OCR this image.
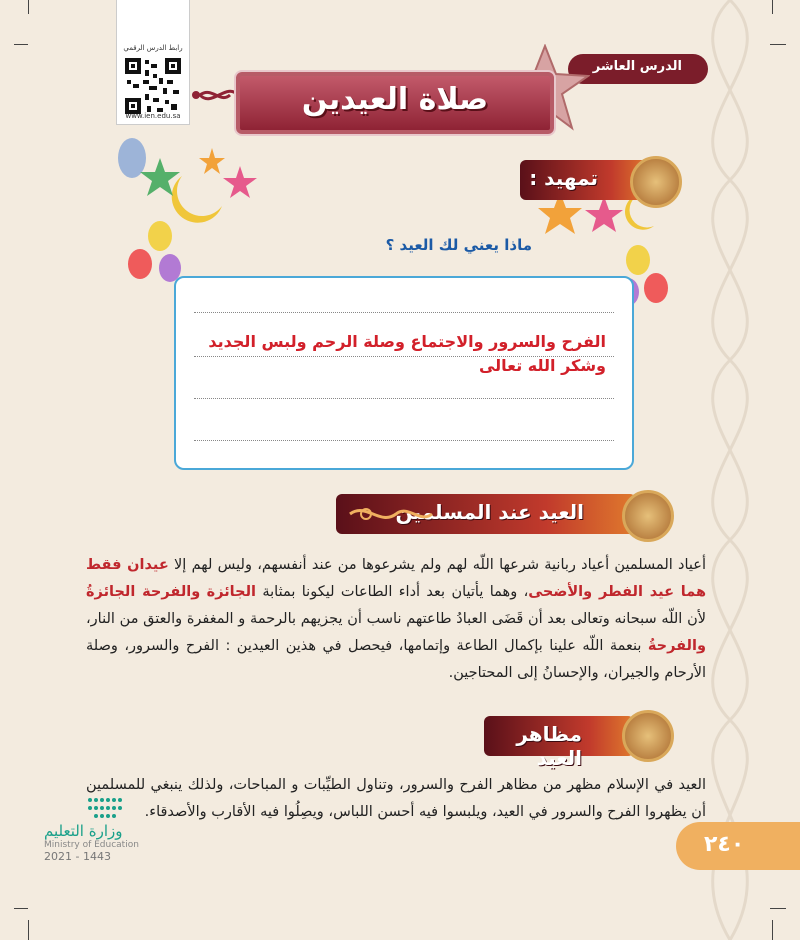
رابط الدرس الرقمي
www.ien.edu.sa
الدرس العاشر
صلاة العيدين
تمهيد :
ماذا يعني لك العيد ؟
الفرح والسرور والاجتماع وصلة الرحم ولبس الجديد وشكر الله تعالى
العيد عند المسلمين
أعياد المسلمين أعياد ربانية شرعها اللّه لهم ولم يشرعوها من عند أنفسهم، وليس لهم إلا عيدان فقط هما عيد الفطر والأضحى، وهما يأتيان بعد أداء الطاعات ليكونا بمثابة الجائزة والفرحة الجائزةُ لأن اللّه سبحانه وتعالى بعد أن قَضَى العبادُ طاعتهم ناسب أن يجزيهم بالرحمة و المغفرة والعتق من النار، والفرحةُ بنعمة اللّه علينا بإكمال الطاعة وإتمامها، فيحصل في هذين العيدين : الفرح والسرور، وصلة الأرحام والجيران، والإحسانُ إلى المحتاجين.
مظاهر العيد
العيد في الإسلام مظهر من مظاهر الفرح والسرور، وتناول الطيِّبات و المباحات، ولذلك ينبغي للمسلمين أن يظهروا الفرح والسرور في العيد، ويلبسوا فيه أحسن اللباس، ويصِلُوا فيه الأقارب والأصدقاء.
٢٤٠
وزارة التعليم
Ministry of Education
2021 - 1443
